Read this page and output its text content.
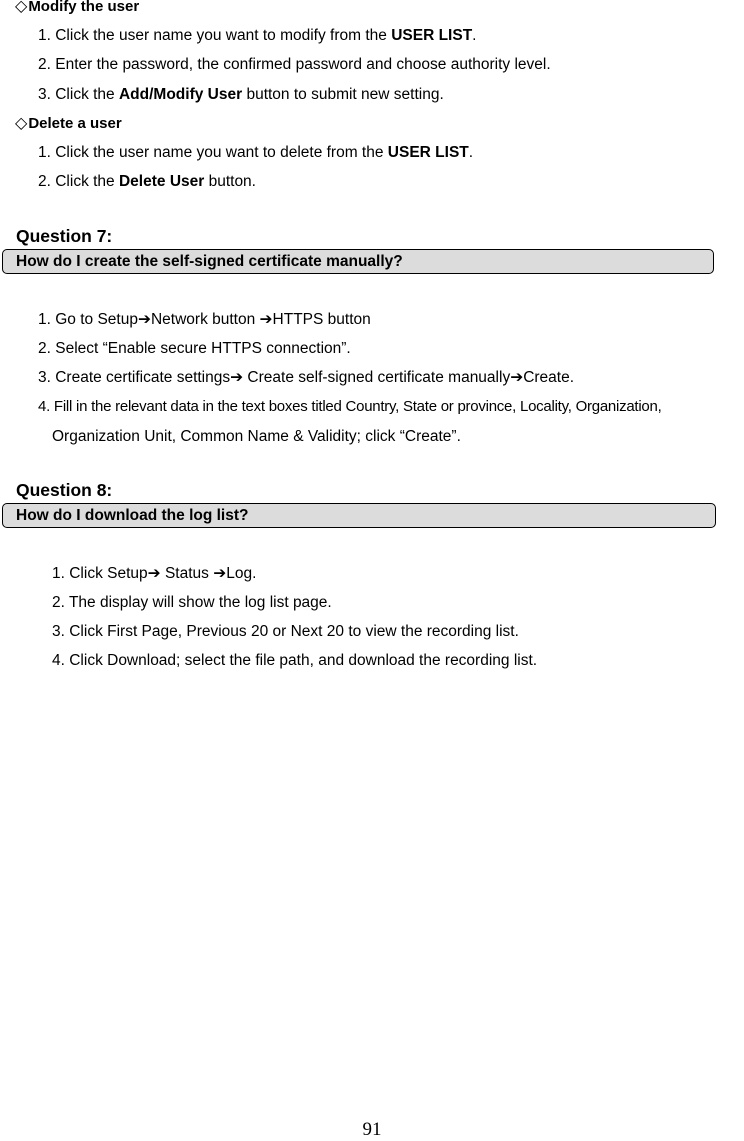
◇Modify the user
1. Click the user name you want to modify from the USER LIST.
2. Enter the password, the confirmed password and choose authority level.
3. Click the Add/Modify User button to submit new setting.
◇Delete a user
1. Click the user name you want to delete from the USER LIST.
2. Click the Delete User button.
Question 7:
How do I create the self-signed certificate manually?
1. Go to Setup➔Network button ➔HTTPS button
2. Select “Enable secure HTTPS connection”.
3. Create certificate settings➔ Create self-signed certificate manually➔Create.
4. Fill in the relevant data in the text boxes titled Country, State or province, Locality, Organization,
Organization Unit, Common Name & Validity; click “Create”.
Question 8:
How do I download the log list?
1. Click Setup➔ Status ➔Log.
2. The display will show the log list page.
3. Click First Page, Previous 20 or Next 20 to view the recording list.
4. Click Download; select the file path, and download the recording list.
91
